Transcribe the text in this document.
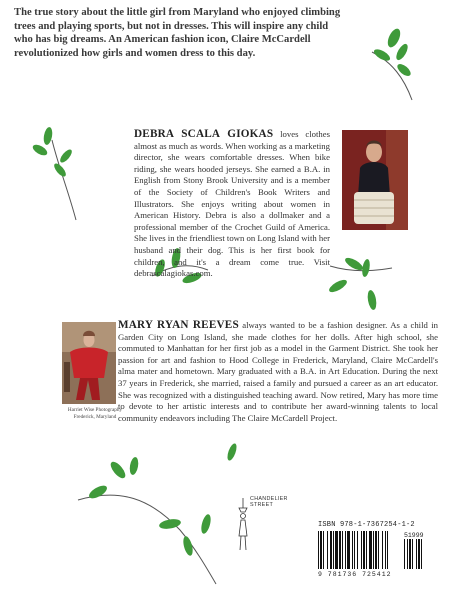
The true story about the little girl from Maryland who enjoyed climbing trees and playing sports, but not in dresses. This will inspire any child who has big dreams. An American fashion icon, Claire McCardell revolutionized how girls and women dress to this day.
DEBRA SCALA GIOKAS loves clothes almost as much as words. When working as a marketing director, she wears comfortable dresses. When bike riding, she wears hooded jerseys. She earned a B.A. in English from Stony Brook University and is a member of the Society of Children's Book Writers and Illustrators. She enjoys writing about women in American History. Debra is also a dollmaker and a professional member of the Crochet Guild of America. She lives in the friendliest town on Long Island with her husband and their dog. This is her first book for children, and it's a dream come true. Visit debrascalagiokas.com.
Harriet Wise Photography
Frederick, Maryland
MARY RYAN REEVES always wanted to be a fashion designer. As a child in Garden City on Long Island, she made clothes for her dolls. After high school, she commuted to Manhattan for her first job as a model in the Garment District. She took her passion for art and fashion to Hood College in Frederick, Maryland, Claire McCardell's alma mater and hometown. Mary graduated with a B.A. in Art Education. During the next 37 years in Frederick, she married, raised a family and pursued a career as an art educator. She was recognized with a distinguished teaching award. Now retired, Mary has more time to devote to her artistic interests and to contribute her award-winning talents to local community endeavors including The Claire McCardell Project.
CHANDELIER
STREET
ISBN 978-1-7367254-1-2
51999
9 781736 725412
